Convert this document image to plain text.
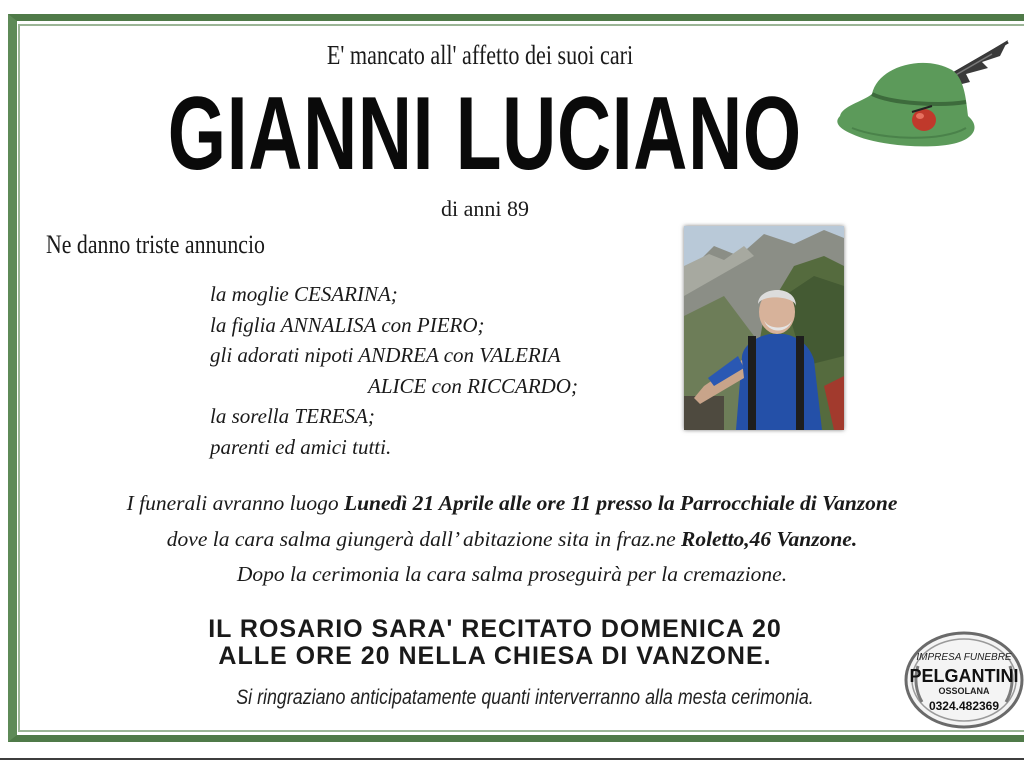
E' mancato all' affetto dei suoi cari
GIANNI LUCIANO
di anni 89
Ne danno triste annuncio
la moglie CESARINA;
la figlia ANNALISA con PIERO;
gli adorati nipoti ANDREA con VALERIA
ALICE con RICCARDO;
la sorella TERESA;
parenti ed amici tutti.
I funerali avranno luogo Lunedì 21 Aprile alle ore 11 presso la Parrocchiale di Vanzone
dove la cara salma giungerà dall’ abitazione sita in fraz.ne Roletto,46 Vanzone.
Dopo la cerimonia la cara salma proseguirà per la cremazione.
IL ROSARIO SARA' RECITATO DOMENICA 20
ALLE ORE 20 NELLA CHIESA DI VANZONE.
Si ringraziano anticipatamente quanti interverranno alla mesta cerimonia.
IMPRESA FUNEBRE
PELGANTINI
OSSOLANA
0324.482369
